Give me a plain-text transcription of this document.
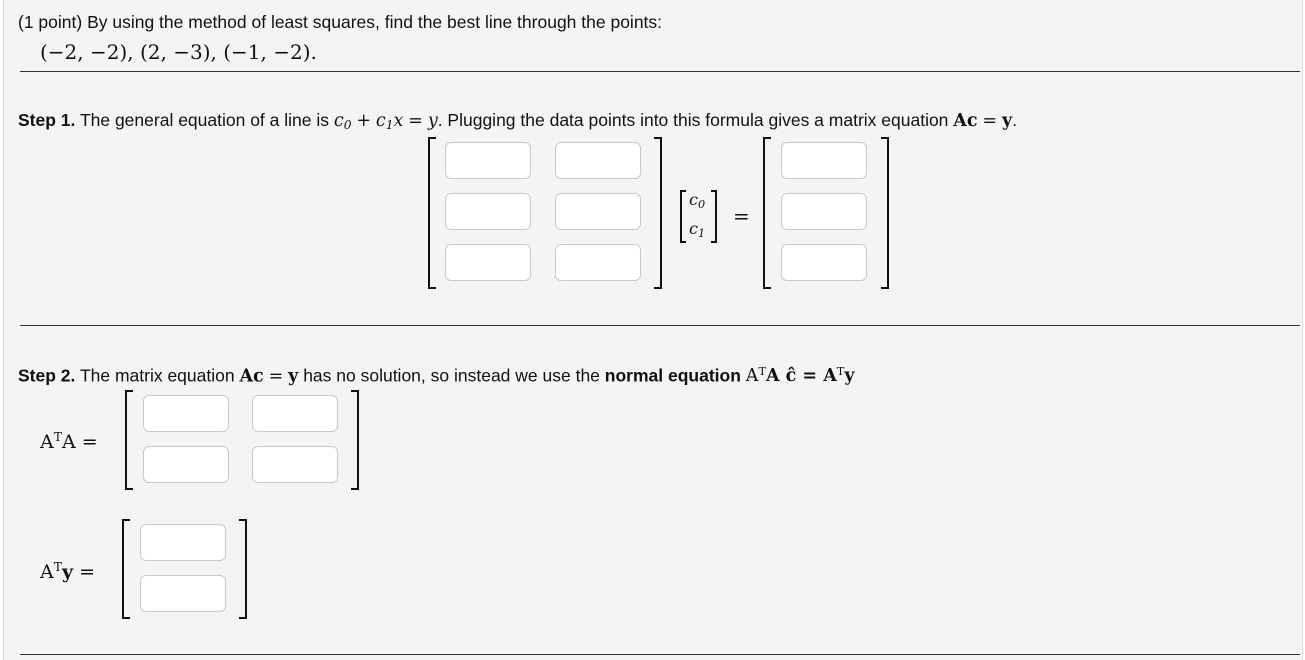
(1 point) By using the method of least squares, find the best line through the points:
(−2, −2), (2, −3), (−1, −2).
Step 1. The general equation of a line is $c_0 + c_1x = y$. Plugging the data points into this formula gives a matrix equation Ac = y.
$c_0$
$c_1$
=
Step 2. The matrix equation Ac = y has no solution, so instead we use the normal equation $A^TA$ ĉ = $A^Ty$
$A^TA$ =
$A^Ty$ =
